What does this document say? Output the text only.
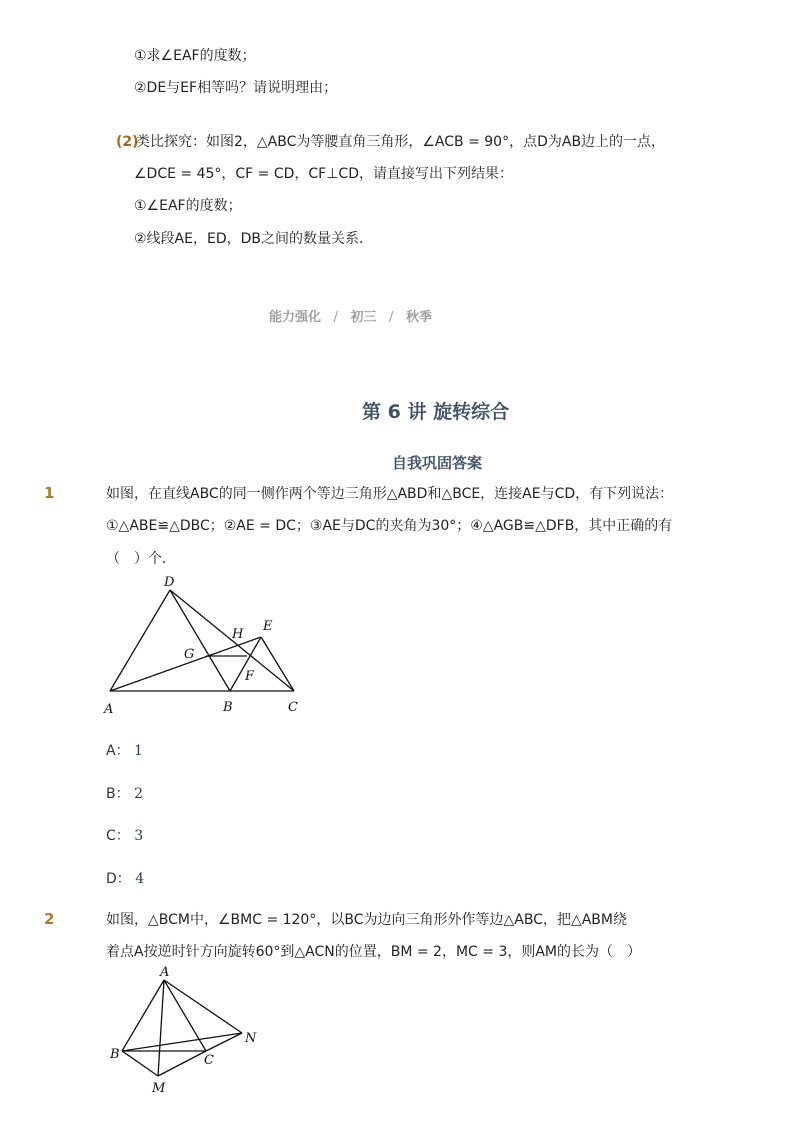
①求∠EAF的度数；
②DE与EF相等吗？请说明理由；
(2)
类比探究：如图2，△ABC为等腰直角三角形，∠ACB = 90°，点D为AB边上的一点，
∠DCE = 45°，CF = CD，CF⊥CD，请直接写出下列结果：
①∠EAF的度数；
②线段AE，ED，DB之间的数量关系．
能力强化 / 初三 / 秋季
第 6 讲 旋转综合
自我巩固答案
1	如图，在直线ABC的同一侧作两个等边三角形△ABD和△BCE，连接AE与CD，有下列说法：
①△ABE≌△DBC；②AE = DC；③AE与DC的夹角为30°；④△AGB≌△DFB，其中正确的有
（　）个．
D
H
E
G
F
A	B	C
A： 1
B： 2
C： 3
D： 4
2	如图，△BCM中，∠BMC = 120°，以BC为边向三角形外作等边△ABC，把△ABM绕
着点A按逆时针方向旋转60°到△ACN的位置，BM = 2，MC = 3，则AM的长为（　）
A
N
B	C
M
